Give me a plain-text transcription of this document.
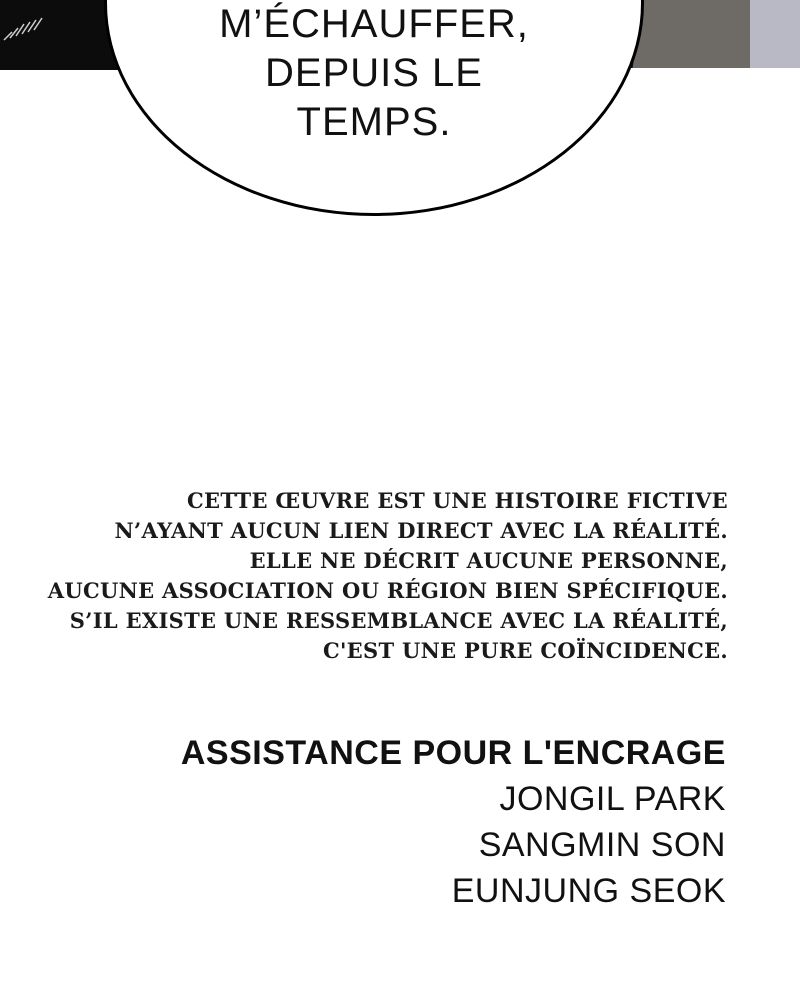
M’ÉCHAUFFER,
DEPUIS LE
TEMPS.
CETTE ŒUVRE EST UNE HISTOIRE FICTIVE
N’AYANT AUCUN LIEN DIRECT AVEC LA RÉALITÉ.
ELLE NE DÉCRIT AUCUNE PERSONNE,
AUCUNE ASSOCIATION OU RÉGION BIEN SPÉCIFIQUE.
S’IL EXISTE UNE RESSEMBLANCE AVEC LA RÉALITÉ,
C'EST UNE PURE COÏNCIDENCE.
ASSISTANCE POUR L'ENCRAGE
JONGIL PARK
SANGMIN SON
EUNJUNG SEOK
